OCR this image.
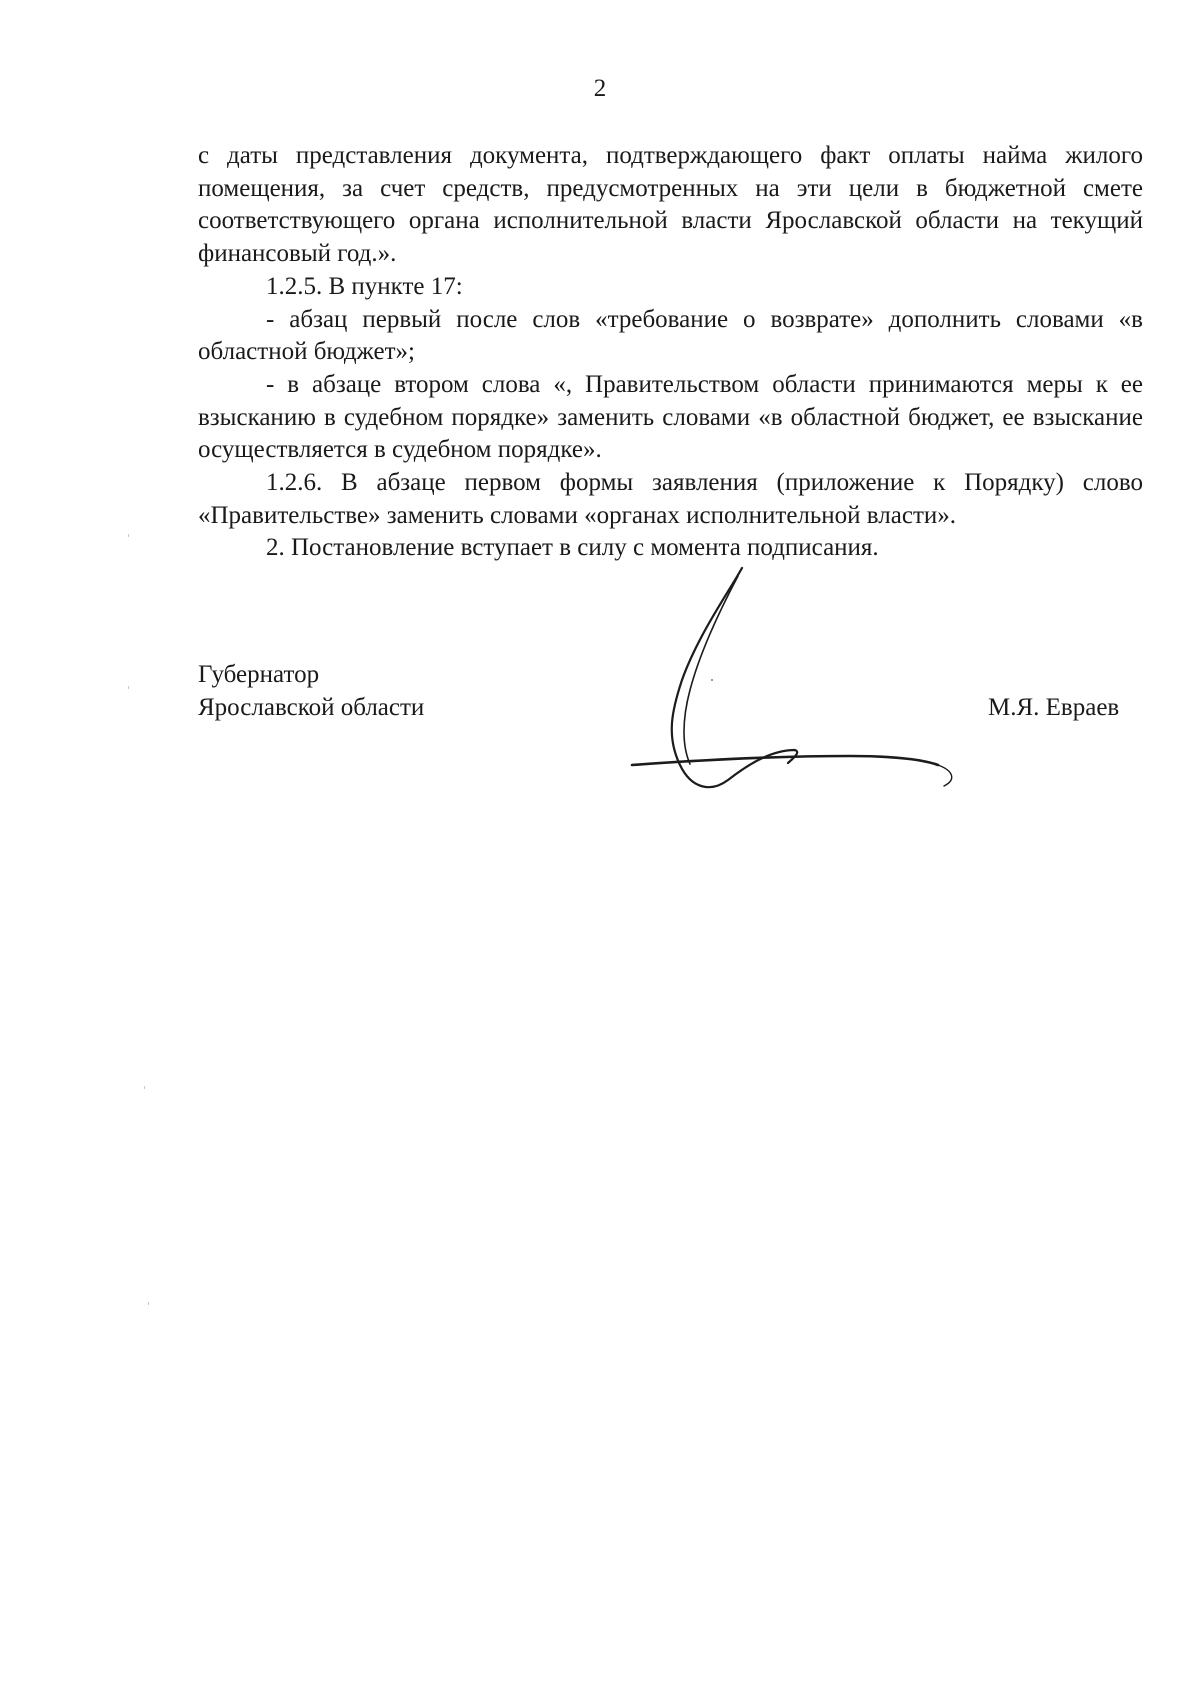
2

с даты представления документа, подтверждающего факт оплаты найма жилого помещения, за счет средств, предусмотренных на эти цели в бюджетной смете соответствующего органа исполнительной власти Ярославской области на текущий финансовый год.».

1.2.5. В пункте 17:

- абзац первый после слов «требование о возврате» дополнить словами «в областной бюджет»;

- в абзаце втором слова «, Правительством области принимаются меры к ее взысканию в судебном порядке» заменить словами «в областной бюджет, ее взыскание осуществляется в судебном порядке».

1.2.6. В абзаце первом формы заявления (приложение к Порядку) слово «Правительстве» заменить словами «органах исполнительной власти».

2. Постановление вступает в силу с момента подписания.

Губернатор
Ярославской области	М.Я. Евраев
